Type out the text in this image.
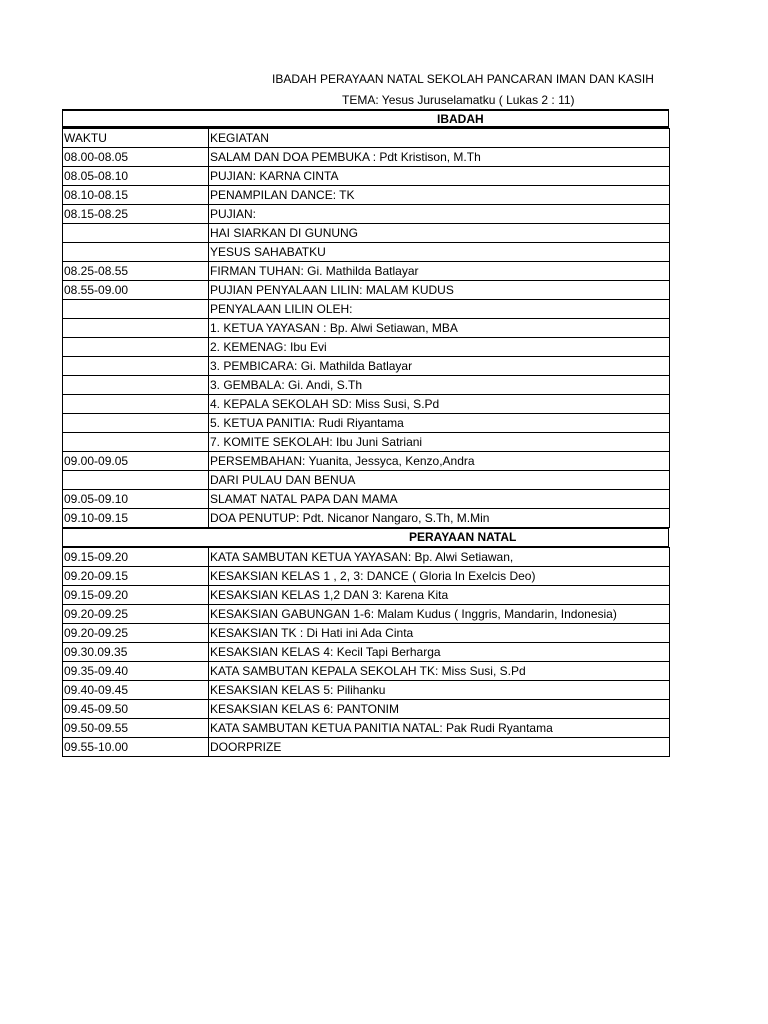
IBADAH PERAYAAN NATAL SEKOLAH PANCARAN IMAN DAN KASIH
TEMA: Yesus Juruselamatku ( Lukas 2 : 11)
IBADAH
WAKTU	KEGIATAN
08.00-08.05	SALAM DAN DOA PEMBUKA : Pdt Kristison, M.Th
08.05-08.10	PUJIAN: KARNA CINTA
08.10-08.15	PENAMPILAN DANCE: TK
08.15-08.25	PUJIAN:
	HAI SIARKAN DI GUNUNG
	YESUS SAHABATKU
08.25-08.55	FIRMAN TUHAN: Gi. Mathilda Batlayar
08.55-09.00	PUJIAN PENYALAAN LILIN: MALAM KUDUS
	PENYALAAN LILIN OLEH:
	1. KETUA YAYASAN : Bp. Alwi Setiawan, MBA
	2. KEMENAG: Ibu Evi
	3. PEMBICARA: Gi. Mathilda Batlayar
	3. GEMBALA: Gi. Andi, S.Th
	4. KEPALA SEKOLAH SD: Miss Susi, S.Pd
	5. KETUA PANITIA: Rudi Riyantama
	7. KOMITE SEKOLAH: Ibu Juni Satriani
09.00-09.05	PERSEMBAHAN: Yuanita, Jessyca, Kenzo,Andra
	DARI PULAU DAN BENUA
09.05-09.10	SLAMAT NATAL PAPA DAN MAMA
09.10-09.15	DOA PENUTUP: Pdt. Nicanor Nangaro, S.Th, M.Min
PERAYAAN NATAL
09.15-09.20	KATA SAMBUTAN KETUA YAYASAN: Bp. Alwi Setiawan,
09.20-09.15	KESAKSIAN KELAS 1 , 2, 3: DANCE ( Gloria In Exelcis Deo)
09.15-09.20	KESAKSIAN KELAS 1,2 DAN 3: Karena Kita
09.20-09.25	KESAKSIAN GABUNGAN 1-6: Malam Kudus ( Inggris, Mandarin, Indonesia)
09.20-09.25	KESAKSIAN TK : Di Hati ini Ada Cinta
09.30.09.35	KESAKSIAN KELAS 4: Kecil Tapi Berharga
09.35-09.40	KATA SAMBUTAN KEPALA SEKOLAH TK: Miss Susi, S.Pd
09.40-09.45	KESAKSIAN KELAS 5: Pilihanku
09.45-09.50	KESAKSIAN KELAS 6: PANTONIM
09.50-09.55	KATA SAMBUTAN KETUA PANITIA NATAL: Pak Rudi Ryantama
09.55-10.00	DOORPRIZE
